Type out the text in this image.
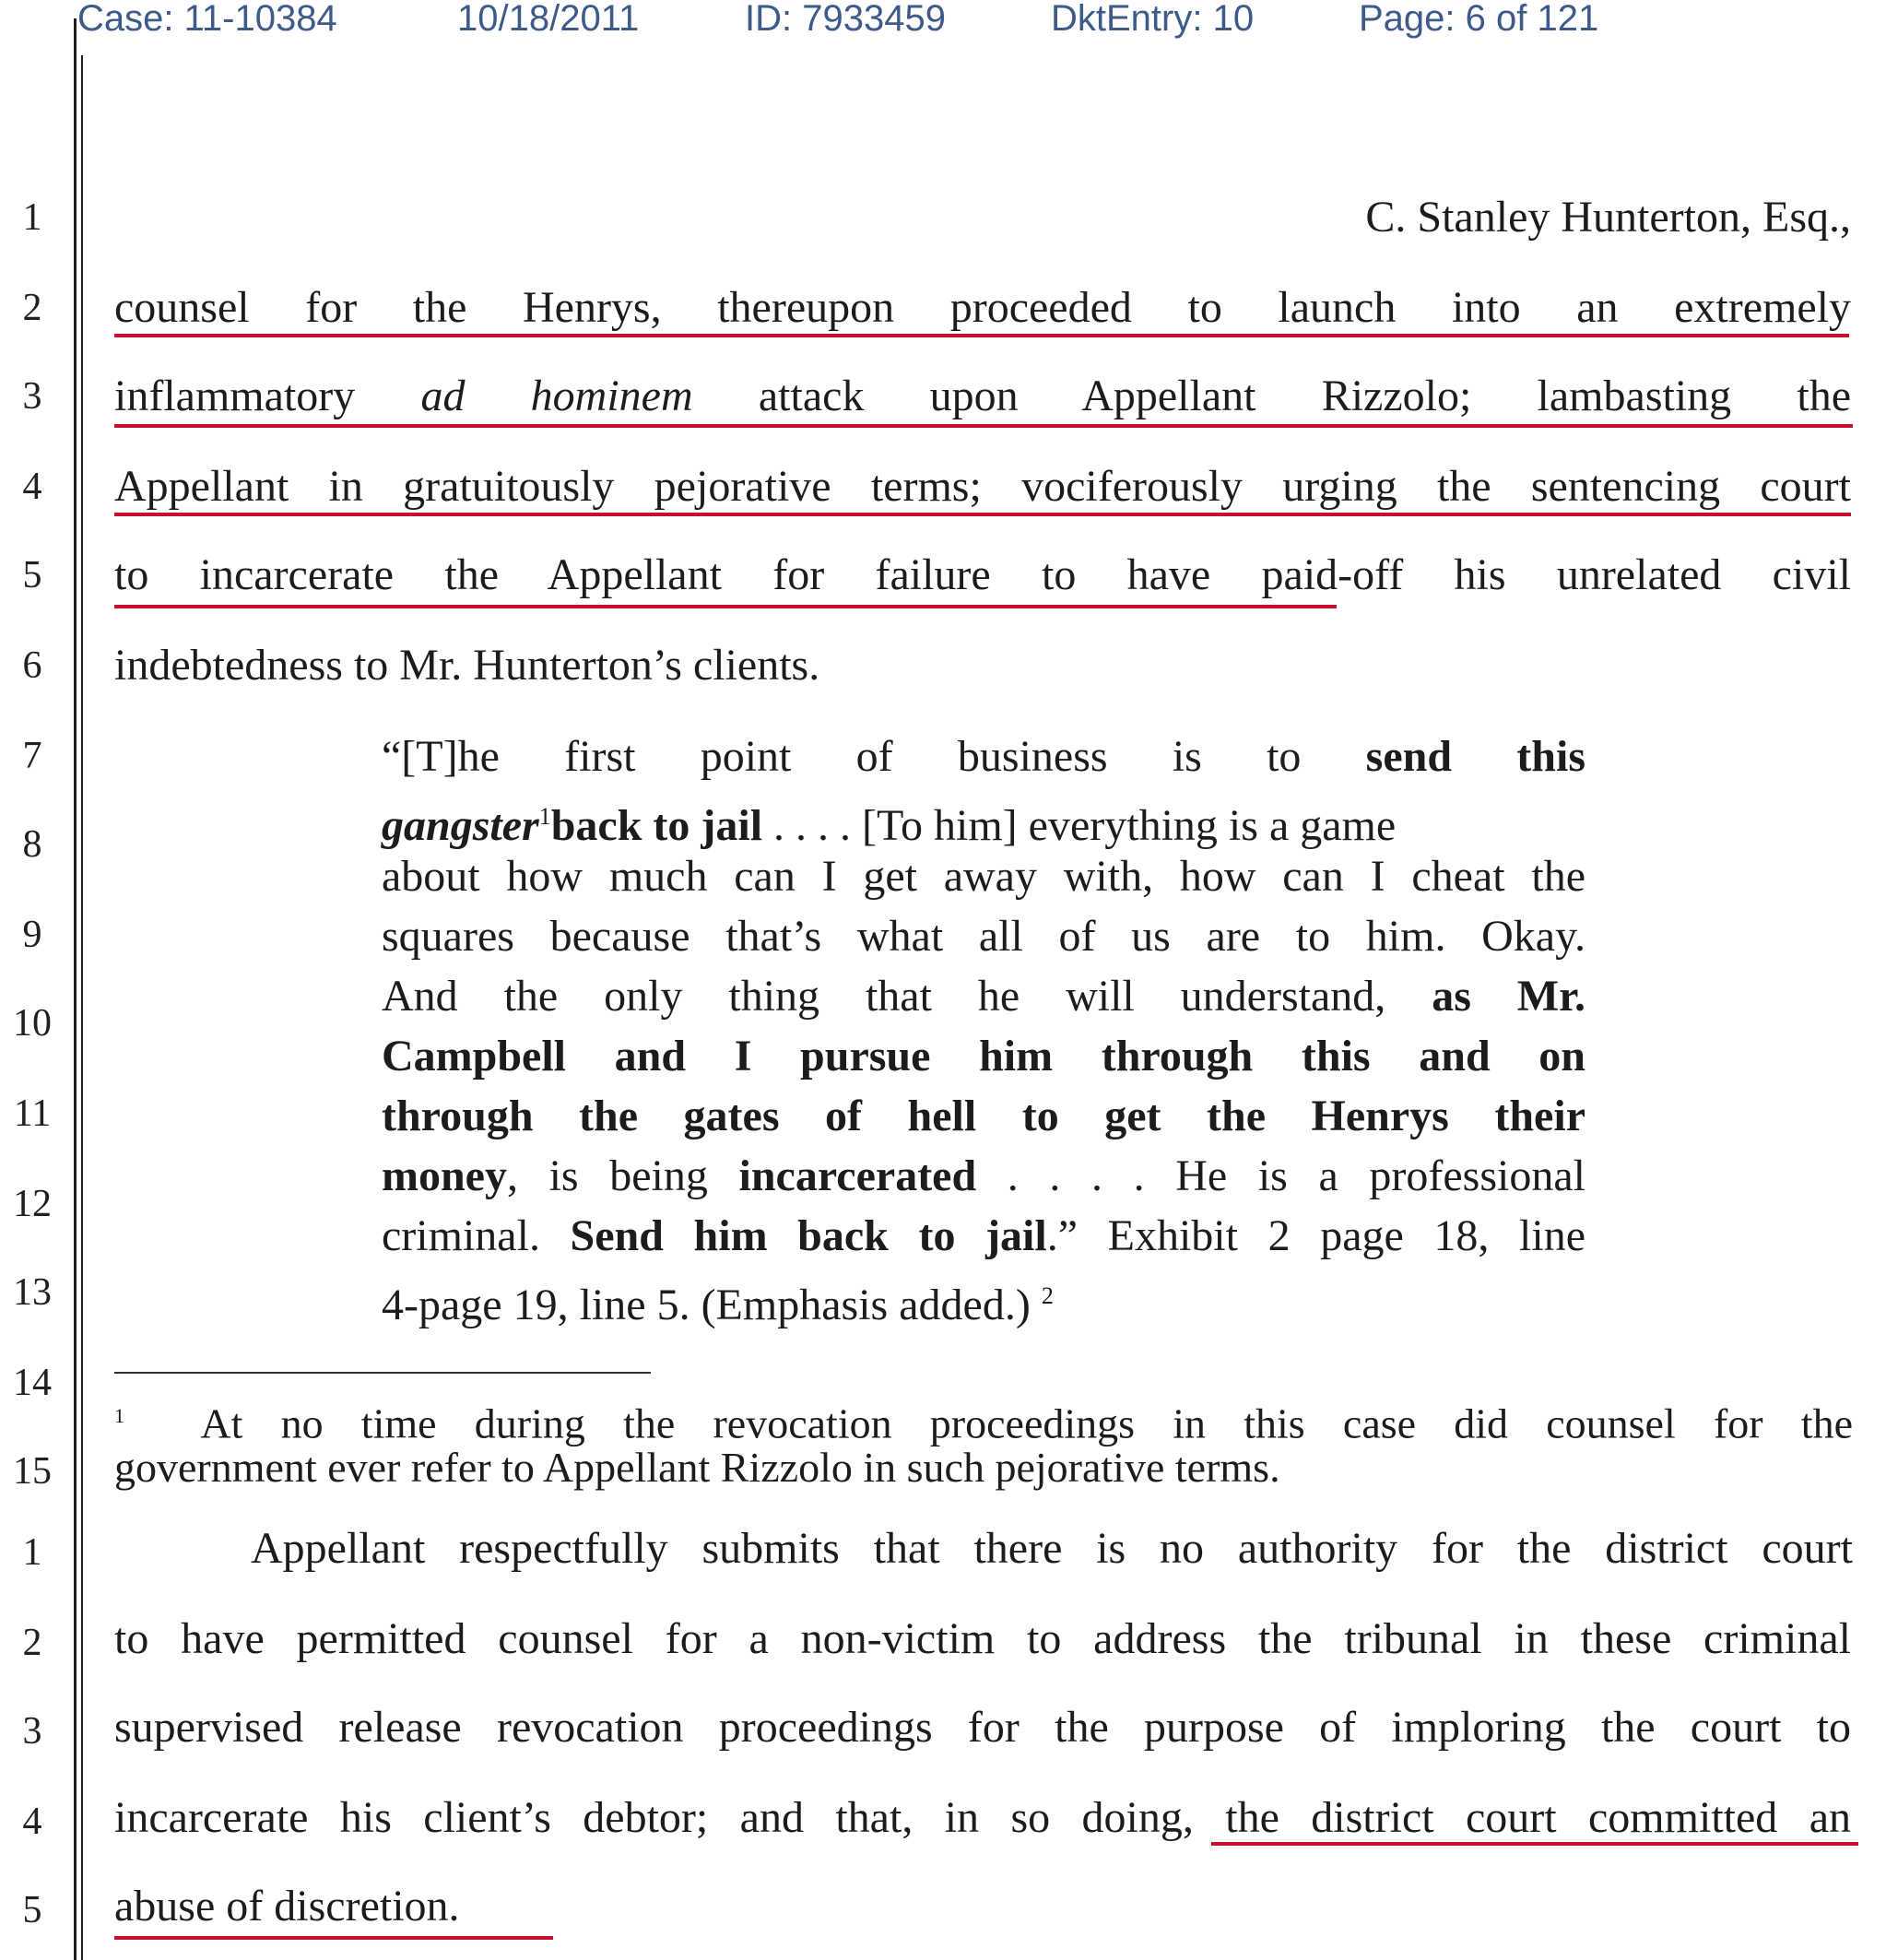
Case: 11-10384	10/18/2011	ID: 7933459	DktEntry: 10	Page: 6 of 121
1
2
3
4
5
6
7
8
9
10
11
12
13
14
15
1
2
3
4
5
C. Stanley Hunterton, Esq.,
counsel for the Henrys, thereupon proceeded to launch into an extremely
inflammatory ad hominem attack upon Appellant Rizzolo; lambasting the
Appellant in gratuitously pejorative terms; vociferously urging the sentencing court
to incarcerate the Appellant for failure to have paid-off his unrelated civil
indebtedness to Mr. Hunterton’s clients.
“[T]he first point of business is to send this
gangster$^1$back to jail . . . . [To him] everything is a game
about how much can I get away with, how can I cheat the
squares because that’s what all of us are to him. Okay.
And the only thing that he will understand, as Mr.
Campbell and I pursue him through this and on
through the gates of hell to get the Henrys their
money, is being incarcerated . . . . He is a professional
criminal. Send him back to jail.” Exhibit 2 page 18, line
4-page 19, line 5. (Emphasis added.) $^2$
$^1$ At no time during the revocation proceedings in this case did counsel for the
government ever refer to Appellant Rizzolo in such pejorative terms.
Appellant respectfully submits that there is no authority for the district court
to have permitted counsel for a non-victim to address the tribunal in these criminal
supervised release revocation proceedings for the purpose of imploring the court to
incarcerate his client’s debtor; and that, in so doing, the district court committed an
abuse of discretion.
